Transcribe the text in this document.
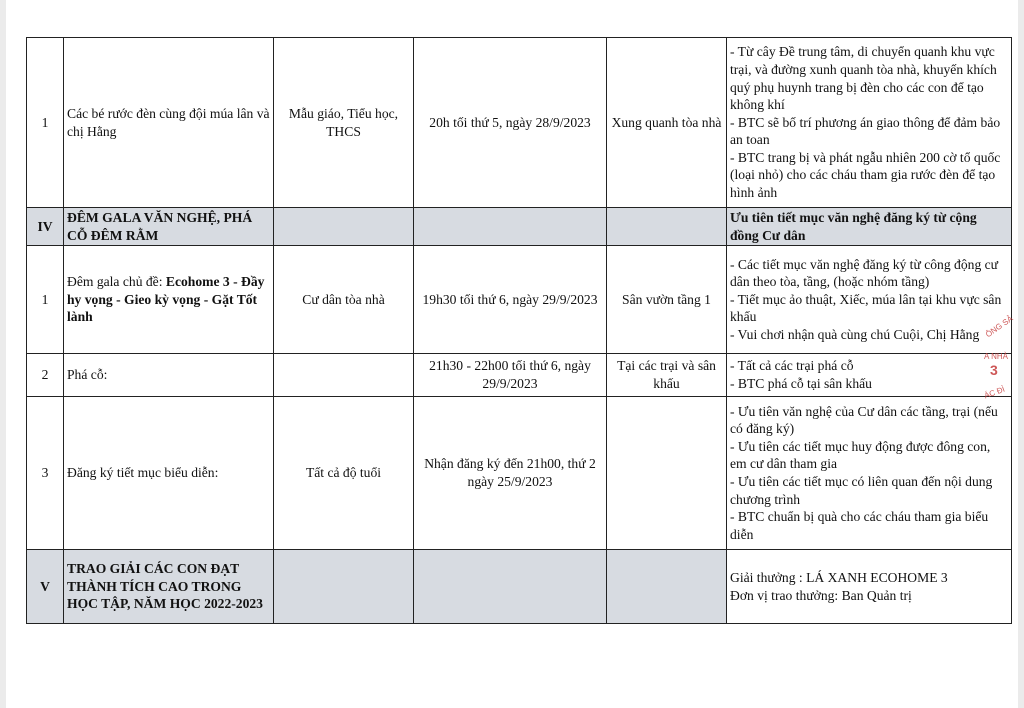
1	Các bé rước đèn cùng đội múa lân và chị Hằng	Mẫu giáo, Tiểu học, THCS	20h tối thứ 5, ngày 28/9/2023	Xung quanh tòa nhà	- Từ cây Đề trung tâm, di chuyển quanh khu vực trại, và đường xunh quanh tòa nhà, khuyến khích quý phụ huynh trang bị đèn cho các con để tạo không khí
- BTC sẽ bố trí phương án giao thông để đảm bảo an toan
- BTC trang bị và phát ngẫu nhiên 200 cờ tổ quốc (loại nhỏ) cho các cháu tham gia rước đèn để tạo hình ảnh

IV	ĐÊM GALA VĂN NGHỆ, PHÁ CỖ ĐÊM RẰM				Ưu tiên tiết mục văn nghệ đăng ký từ cộng đồng Cư dân
1	Đêm gala chủ đề: Ecohome 3 - Đầy hy vọng - Gieo kỳ vọng - Gặt Tốt lành	Cư dân tòa nhà	19h30 tối thứ 6, ngày 29/9/2023	Sân vườn tầng 1	- Các tiết mục văn nghệ đăng ký từ công động cư dân theo tòa, tầng, (hoặc nhóm tầng)
- Tiết mục ảo thuật, Xiếc, múa lân tại khu vực sân khấu
- Vui chơi nhận quà cùng chú Cuội, Chị Hằng

2	Phá cỗ:		21h30 - 22h00 tối thứ 6, ngày 29/9/2023	Tại các trại và sân khấu	- Tất cả các trại phá cỗ
- BTC phá cỗ tại sân khấu

3	Đăng ký tiết mục biểu diễn:	Tất cả độ tuổi	Nhận đăng ký đến 21h00, thứ 2 ngày 25/9/2023		- Ưu tiên văn nghệ của Cư dân các tầng, trại (nếu có đăng ký)
- Ưu tiên các tiết mục huy động được đông con, em cư dân tham gia
- Ưu tiên các tiết mục có liên quan đến nội dung chương trình
- BTC chuẩn bị quà cho các cháu tham gia biểu diễn

V	TRAO GIẢI CÁC CON ĐẠT THÀNH TÍCH CAO TRONG HỌC TẬP, NĂM HỌC 2022-2023				Giải thưởng : LÁ XANH ECOHOME 3
Đơn vị trao thưởng: Ban Quản trị
ÔNG SẢ
A NHÀ
3
ÁC ĐÌ
